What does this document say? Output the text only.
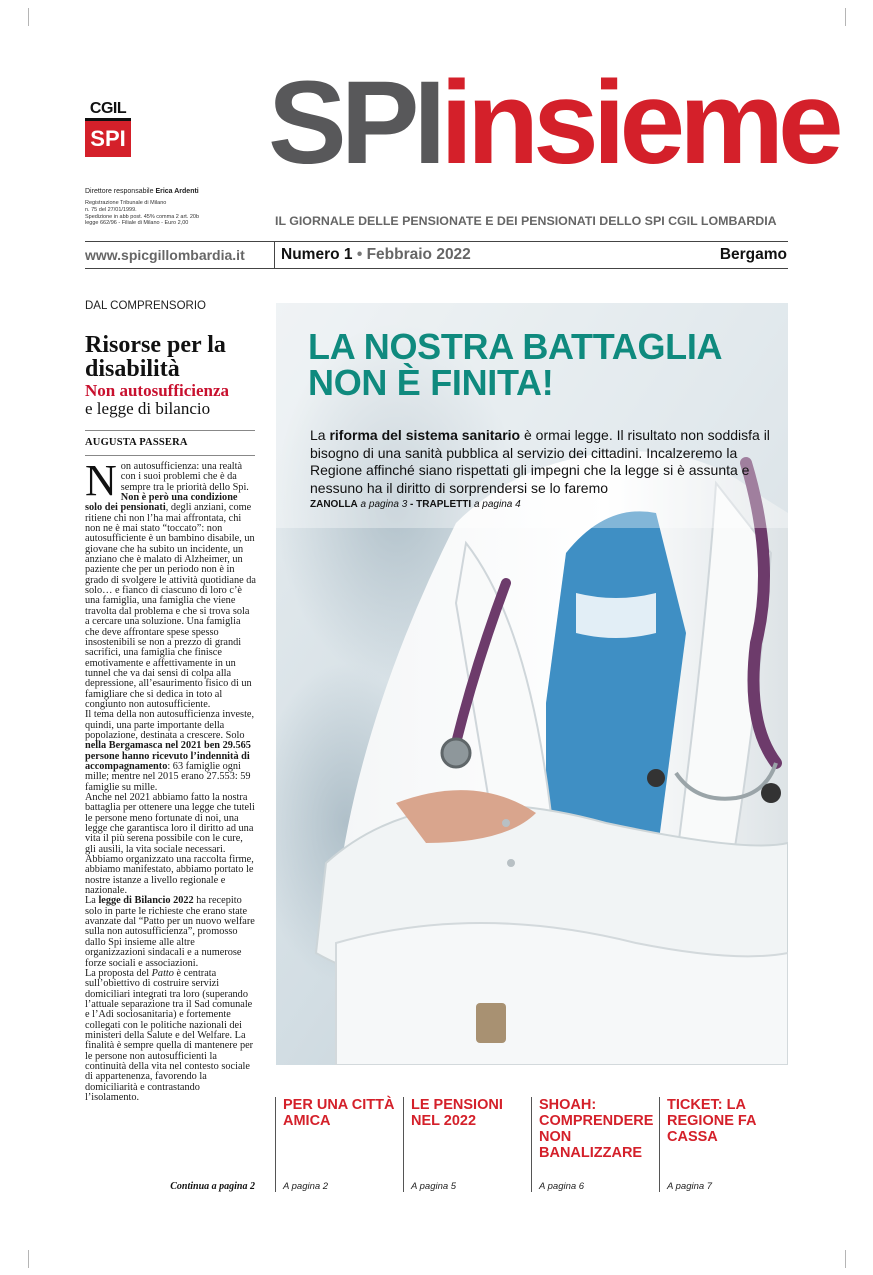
CGIL
SPI SPIinsieme
Direttore responsabile Erica Ardenti
Registrazione Tribunale di Milano
n. 75 del 27/01/1999.
Spedizione in abb post. 45% comma 2 art. 20b
legge 662/96 - Filiale di Milano - Euro 2,00	IL GIORNALE DELLE PENSIONATE E DEI PENSIONATI DELLO SPI CGIL LOMBARDIA
www.spicgillombardia.it Numero 1 • Febbraio 2022	Bergamo
DAL COMPRENSORIO
Risorse per la disabilità
Non autosufficienza
e legge di bilancio
AUGUSTA PASSERA
N on autosufficienza: una realtà con i suoi problemi che è da sempre tra le priorità dello Spi. Non è però una condizione solo dei pensionati, degli anziani, come ritiene chi non l’ha mai affrontata, chi non ne è mai stato “toccato”: non autosufficiente è un bambino disabile, un giovane che ha subito un incidente, un anziano che è malato di Alzheimer, un paziente che per un periodo non è in grado di svolgere le attività quotidiane da solo… e fianco di ciascuno di loro c’è una famiglia, una famiglia che viene travolta dal problema e che si trova sola a cercare una soluzione. Una famiglia che deve affrontare spese spesso insostenibili se non a prezzo di grandi sacrifici, una famiglia che finisce emotivamente e affettivamente in un tunnel che va dai sensi di colpa alla depressione, all’esaurimento fisico di un famigliare che si dedica in toto al congiunto non autosufficiente.

Il tema della non autosufficienza investe, quindi, una parte importante della popolazione, destinata a crescere. Solo nella Bergamasca nel 2021 ben 29.565 persone hanno ricevuto l’indennità di accompagnamento: 63 famiglie ogni mille; mentre nel 2015 erano 27.553: 59 famiglie su mille.

Anche nel 2021 abbiamo fatto la nostra battaglia per ottenere una legge che tuteli le persone meno fortunate di noi, una legge che garantisca loro il diritto ad una vita il più serena possibile con le cure, gli ausili, la vita sociale necessari. Abbiamo organizzato una raccolta firme, abbiamo manifestato, abbiamo portato le nostre istanze a livello regionale e nazionale.

La legge di Bilancio 2022 ha recepito solo in parte le richieste che erano state avanzate dal “Patto per un nuovo welfare sulla non autosufficienza”, promosso dallo Spi insieme alle altre organizzazioni sindacali e a numerose forze sociali e associazioni.

La proposta del Patto è centrata sull’obiettivo di costruire servizi domiciliari integrati tra loro (superando l’attuale separazione tra il Sad comunale e l’Adi sociosanitaria) e fortemente collegati con le politiche nazionali dei ministeri della Salute e del Welfare. La finalità è sempre quella di mantenere per le persone non autosufficienti la continuità della vita nel contesto sociale di appartenenza, favorendo la domiciliarità e contrastando l’isolamento.

Continua a pagina 2
LA NOSTRA BATTAGLIA
NON È FINITA!
La riforma del sistema sanitario è ormai legge. Il risultato non soddisfa il bisogno di una sanità pubblica al servizio dei cittadini. Incalzeremo la Regione affinché siano rispettati gli impegni che la legge si è assunta e nessuno ha il diritto di sorprendersi se lo faremo
ZANOLLA a pagina 3 - TRAPLETTI a pagina 4
PER UNA CITTÀ AMICA
A pagina 2
LE PENSIONI NEL 2022
A pagina 5
SHOAH: COMPRENDERE NON BANALIZZARE
A pagina 6
TICKET: LA REGIONE FA CASSA
A pagina 7
